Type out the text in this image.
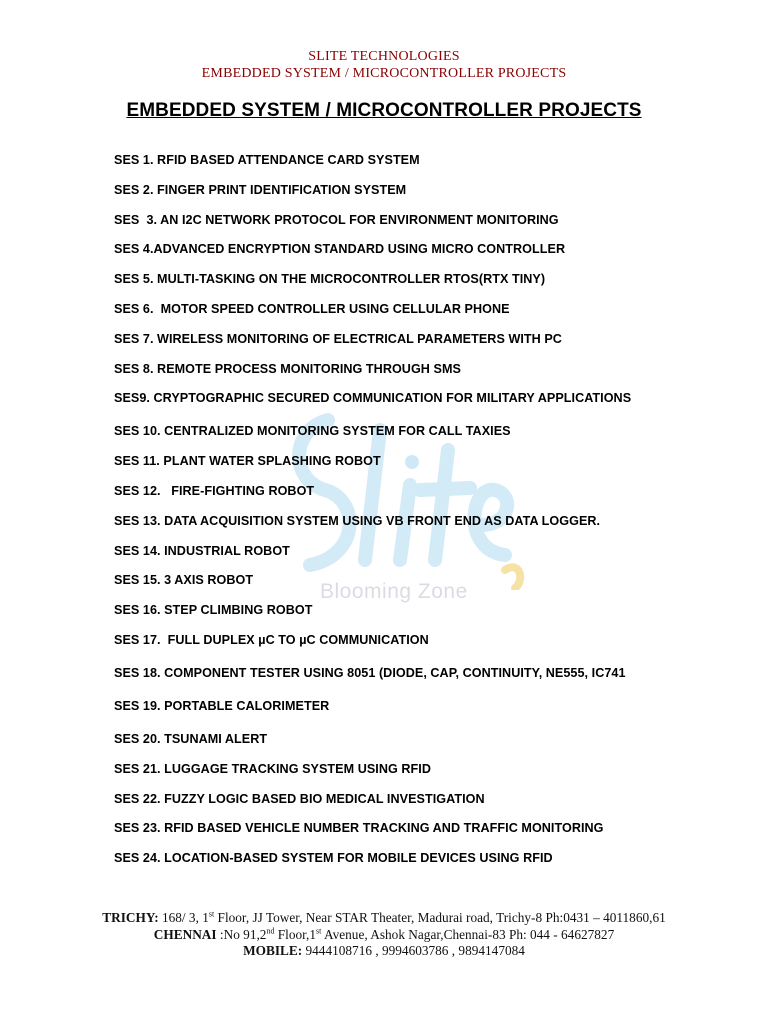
SLITE TECHNOLOGIES
EMBEDDED SYSTEM / MICROCONTROLLER PROJECTS
EMBEDDED SYSTEM / MICROCONTROLLER PROJECTS
Blooming Zone
SES 1. RFID BASED ATTENDANCE CARD SYSTEM
SES 2. FINGER PRINT IDENTIFICATION SYSTEM
SES  3. AN I2C NETWORK PROTOCOL FOR ENVIRONMENT MONITORING
SES 4.ADVANCED ENCRYPTION STANDARD USING MICRO CONTROLLER
SES 5. MULTI-TASKING ON THE MICROCONTROLLER RTOS(RTX TINY)
SES 6.  MOTOR SPEED CONTROLLER USING CELLULAR PHONE
SES 7. WIRELESS MONITORING OF ELECTRICAL PARAMETERS WITH PC
SES 8. REMOTE PROCESS MONITORING THROUGH SMS
SES9. CRYPTOGRAPHIC SECURED COMMUNICATION FOR MILITARY APPLICATIONS
SES 10. CENTRALIZED MONITORING SYSTEM FOR CALL TAXIES
SES 11. PLANT WATER SPLASHING ROBOT
SES 12.   FIRE-FIGHTING ROBOT
SES 13. DATA ACQUISITION SYSTEM USING VB FRONT END AS DATA LOGGER.
SES 14. INDUSTRIAL ROBOT
SES 15. 3 AXIS ROBOT
SES 16. STEP CLIMBING ROBOT
SES 17.  FULL DUPLEX µC TO µC COMMUNICATION
SES 18. COMPONENT TESTER USING 8051 (DIODE, CAP, CONTINUITY, NE555, IC741
SES 19. PORTABLE CALORIMETER
SES 20. TSUNAMI ALERT
SES 21. LUGGAGE TRACKING SYSTEM USING RFID
SES 22. FUZZY LOGIC BASED BIO MEDICAL INVESTIGATION
SES 23. RFID BASED VEHICLE NUMBER TRACKING AND TRAFFIC MONITORING
SES 24. LOCATION-BASED SYSTEM FOR MOBILE DEVICES USING RFID
TRICHY: 168/ 3, 1st Floor, JJ Tower, Near STAR Theater, Madurai road, Trichy-8 Ph:0431 – 4011860,61
CHENNAI :No 91,2nd Floor,1st Avenue, Ashok Nagar,Chennai-83 Ph: 044 - 64627827
MOBILE: 9444108716 , 9994603786 , 9894147084
